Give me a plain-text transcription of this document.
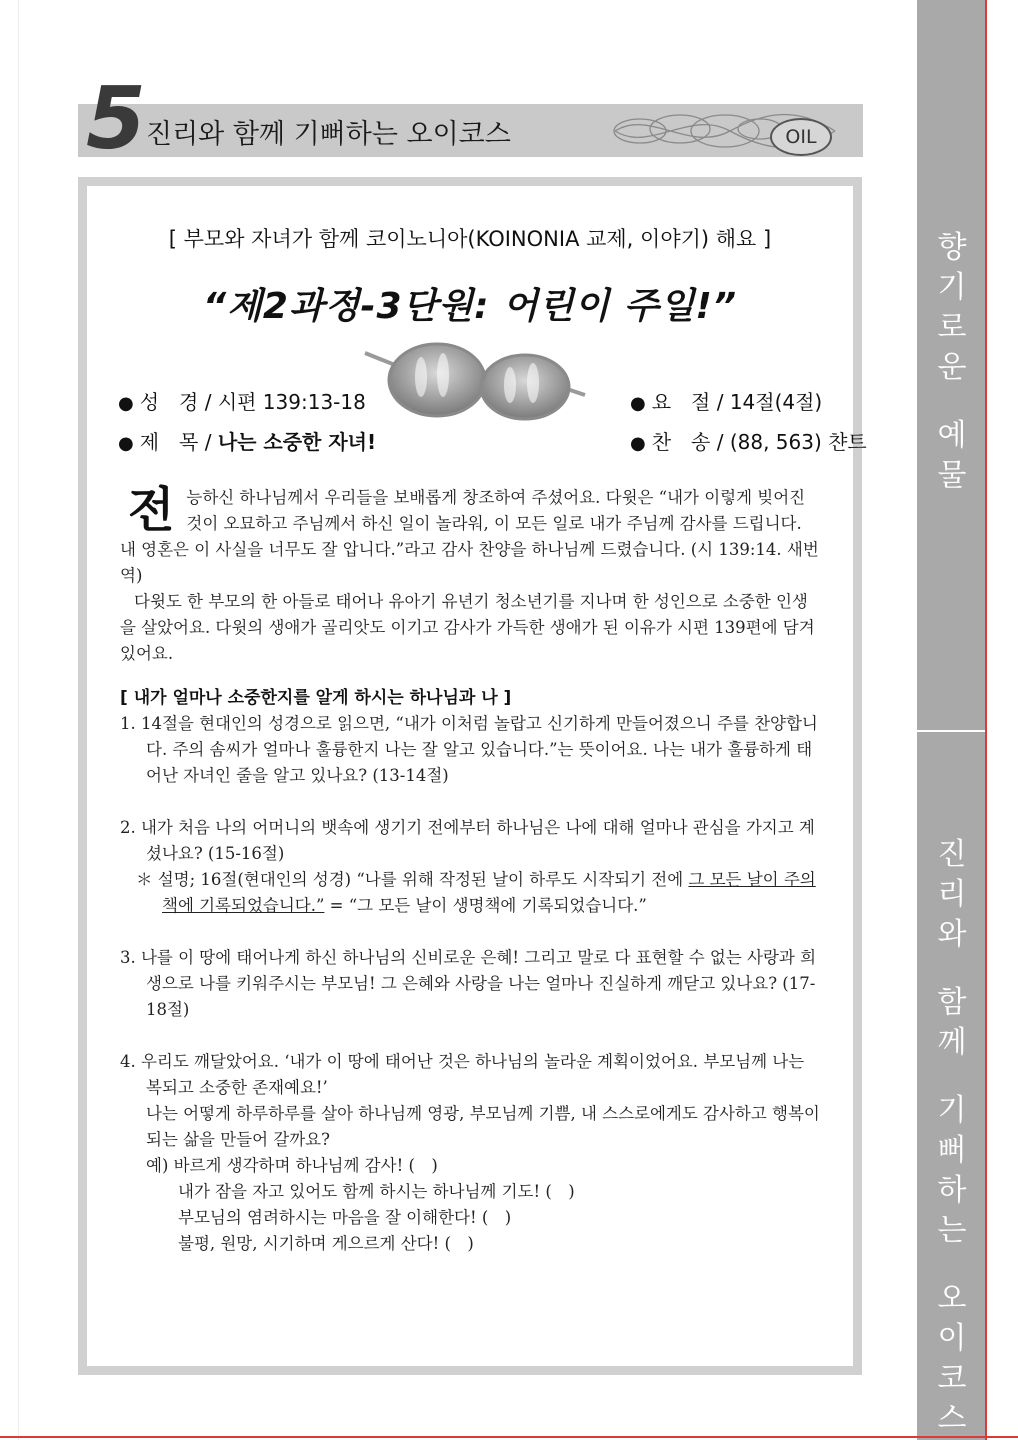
향
기
로
운
예
물
진
리
와
함
께
기
뻐
하
는
오
이
코
스
5 진리와 함께 기뻐하는 오이코스	OIL
[ 부모와 자녀가 함께 코이노니아(KOINONIA 교제, 이야기) 해요 ]
“제2과정-3단원: 어린이 주일!”
● 성　경 / 시편 139:13-18
● 제　목 / 나는 소중한 자녀!
● 요　절 / 14절(4절)
● 찬　송 / (88, 563) 챤트

전능하신 하나님께서 우리들을 보배롭게 창조하여 주셨어요. 다윗은 “내가 이렇게 빚어진 것이 오묘하고 주님께서 하신 일이 놀라워, 이 모든 일로 내가 주님께 감사를 드립니다. 내 영혼은 이 사실을 너무도 잘 압니다.”라고 감사 찬양을 하나님께 드렸습니다. (시 139:14. 새번역)

다윗도 한 부모의 한 아들로 태어나 유아기 유년기 청소년기를 지나며 한 성인으로 소중한 인생을 살았어요. 다윗의 생애가 골리앗도 이기고 감사가 가득한 생애가 된 이유가 시편 139편에 담겨 있어요.

[ 내가 얼마나 소중한지를 알게 하시는 하나님과 나 ]

1. 14절을 현대인의 성경으로 읽으면, “내가 이처럼 놀랍고 신기하게 만들어졌으니 주를 찬양합니다. 주의 솜씨가 얼마나 훌륭한지 나는 잘 알고 있습니다.”는 뜻이어요. 나는 내가 훌륭하게 태어난 자녀인 줄을 알고 있나요? (13-14절)

2. 내가 처음 나의 어머니의 뱃속에 생기기 전에부터 하나님은 나에 대해 얼마나 관심을 가지고 계셨나요? (15-16절)

＊ 설명; 16절(현대인의 성경) “나를 위해 작정된 날이 하루도 시작되기 전에 그 모든 날이 주의 책에 기록되었습니다.” = “그 모든 날이 생명책에 기록되었습니다.”

3. 나를 이 땅에 태어나게 하신 하나님의 신비로운 은혜! 그리고 말로 다 표현할 수 없는 사랑과 희생으로 나를 키워주시는 부모님! 그 은혜와 사랑을 나는 얼마나 진실하게 깨닫고 있나요? (17-18절)

4. 우리도 깨달았어요. ‘내가 이 땅에 태어난 것은 하나님의 놀라운 계획이었어요. 부모님께 나는 복되고 소중한 존재예요!’

나는 어떻게 하루하루를 살아 하나님께 영광, 부모님께 기쁨, 내 스스로에게도 감사하고 행복이 되는 삶을 만들어 갈까요?

예) 바르게 생각하며 하나님께 감사! (　)

내가 잠을 자고 있어도 함께 하시는 하나님께 기도! (　)

부모님의 염려하시는 마음을 잘 이해한다! (　)

불평, 원망, 시기하며 게으르게 산다! (　)
